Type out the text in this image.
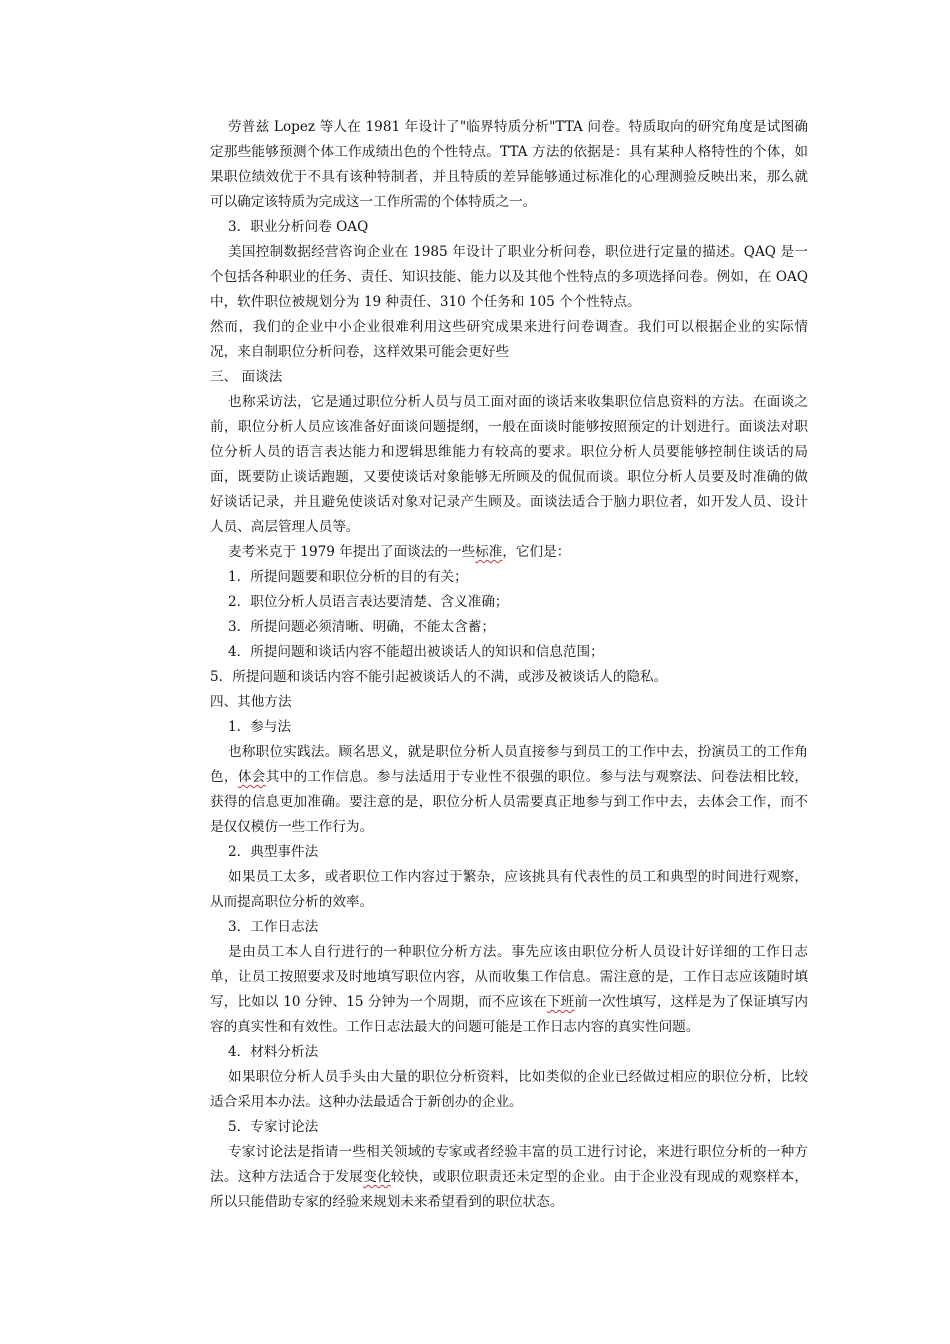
劳普兹 Lopez 等人在 1981 年设计了"临界特质分析"TTA 问卷。特质取向的研究角度是试图确定那些能够预测个体工作成绩出色的个性特点。TTA 方法的依据是：具有某种人格特性的个体，如果职位绩效优于不具有该种特制者，并且特质的差异能够通过标准化的心理测验反映出来，那么就可以确定该特质为完成这一工作所需的个体特质之一。

3．职业分析问卷 OAQ

美国控制数据经营咨询企业在 1985 年设计了职业分析问卷，职位进行定量的描述。QAQ 是一个包括各种职业的任务、责任、知识技能、能力以及其他个性特点的多项选择问卷。例如，在 OAQ 中，软件职位被规划分为 19 种责任、310 个任务和 105 个个性特点。

然而，我们的企业中小企业很难利用这些研究成果来进行问卷调查。我们可以根据企业的实际情况，来自制职位分析问卷，这样效果可能会更好些

三、 面谈法

也称采访法，它是通过职位分析人员与员工面对面的谈话来收集职位信息资料的方法。在面谈之前，职位分析人员应该准备好面谈问题提纲，一般在面谈时能够按照预定的计划进行。面谈法对职位分析人员的语言表达能力和逻辑思维能力有较高的要求。职位分析人员要能够控制住谈话的局面，既要防止谈话跑题，又要使谈话对象能够无所顾及的侃侃而谈。职位分析人员要及时准确的做好谈话记录，并且避免使谈话对象对记录产生顾及。面谈法适合于脑力职位者，如开发人员、设计人员、高层管理人员等。

麦考米克于 1979 年提出了面谈法的一些标准，它们是：

1．所提问题要和职位分析的目的有关；

2．职位分析人员语言表达要清楚、含义准确；

3．所提问题必须清晰、明确，不能太含蓄；

4．所提问题和谈话内容不能超出被谈话人的知识和信息范围；

5．所提问题和谈话内容不能引起被谈话人的不满，或涉及被谈话人的隐私。

四、其他方法

1．参与法

也称职位实践法。顾名思义，就是职位分析人员直接参与到员工的工作中去，扮演员工的工作角色，体会其中的工作信息。参与法适用于专业性不很强的职位。参与法与观察法、问卷法相比较，获得的信息更加准确。要注意的是，职位分析人员需要真正地参与到工作中去，去体会工作，而不是仅仅模仿一些工作行为。

2．典型事件法

如果员工太多，或者职位工作内容过于繁杂，应该挑具有代表性的员工和典型的时间进行观察，从而提高职位分析的效率。

3．工作日志法

是由员工本人自行进行的一种职位分析方法。事先应该由职位分析人员设计好详细的工作日志单，让员工按照要求及时地填写职位内容，从而收集工作信息。需注意的是，工作日志应该随时填写，比如以 10 分钟、15 分钟为一个周期，而不应该在下班前一次性填写，这样是为了保证填写内容的真实性和有效性。工作日志法最大的问题可能是工作日志内容的真实性问题。

4．材料分析法

如果职位分析人员手头由大量的职位分析资料，比如类似的企业已经做过相应的职位分析，比较适合采用本办法。这种办法最适合于新创办的企业。

5．专家讨论法

专家讨论法是指请一些相关领域的专家或者经验丰富的员工进行讨论，来进行职位分析的一种方法。这种方法适合于发展变化较快，或职位职责还未定型的企业。由于企业没有现成的观察样本，所以只能借助专家的经验来规划未来希望看到的职位状态。
